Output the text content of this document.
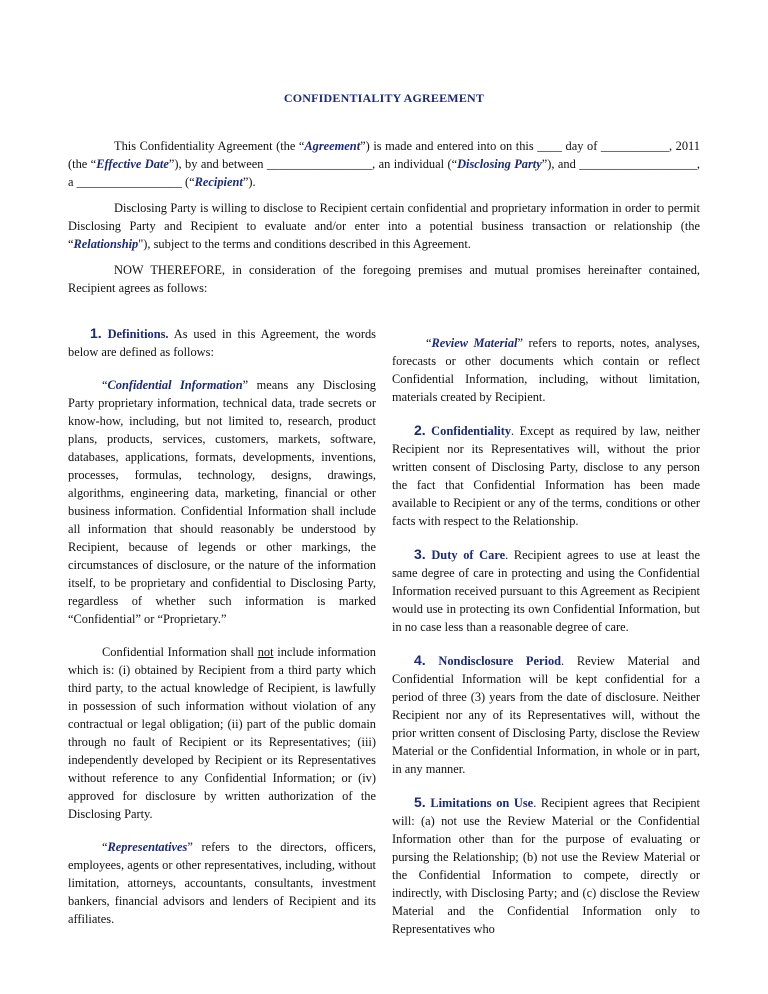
CONFIDENTIALITY AGREEMENT
This Confidentiality Agreement (the “Agreement”) is made and entered into on this ____ day of ___________, 2011 (the “Effective Date”), by and between _________________, an individual (“Disclosing Party”), and ___________________, a _________________ (“Recipient”).
Disclosing Party is willing to disclose to Recipient certain confidential and proprietary information in order to permit Disclosing Party and Recipient to evaluate and/or enter into a potential business transaction or relationship (the “Relationship"), subject to the terms and conditions described in this Agreement.
NOW THEREFORE, in consideration of the foregoing premises and mutual promises hereinafter contained, Recipient agrees as follows:

1. Definitions. As used in this Agreement, the words below are defined as follows:

“Confidential Information” means any Disclosing Party proprietary information, technical data, trade secrets or know-how, including, but not limited to, research, product plans, products, services, customers, markets, software, databases, applications, formats, developments, inventions, processes, formulas, technology, designs, drawings, algorithms, engineering data, marketing, financial or other business information. Confidential Information shall include all information that should reasonably be understood by Recipient, because of legends or other markings, the circumstances of disclosure, or the nature of the information itself, to be proprietary and confidential to Disclosing Party, regardless of whether such information is marked “Confidential” or “Proprietary.”

Confidential Information shall not include information which is: (i) obtained by Recipient from a third party which third party, to the actual knowledge of Recipient, is lawfully in possession of such information without violation of any contractual or legal obligation; (ii) part of the public domain through no fault of Recipient or its Representatives; (iii) independently developed by Recipient or its Representatives without reference to any Confidential Information; or (iv) approved for disclosure by written authorization of the Disclosing Party.

“Representatives” refers to the directors, officers, employees, agents or other representatives, including, without limitation, attorneys, accountants, consultants, investment bankers, financial advisors and lenders of Recipient and its affiliates.

“Review Material” refers to reports, notes, analyses, forecasts or other documents which contain or reflect Confidential Information, including, without limitation, materials created by Recipient.

2. Confidentiality. Except as required by law, neither Recipient nor its Representatives will, without the prior written consent of Disclosing Party, disclose to any person the fact that Confidential Information has been made available to Recipient or any of the terms, conditions or other facts with respect to the Relationship.

3. Duty of Care. Recipient agrees to use at least the same degree of care in protecting and using the Confidential Information received pursuant to this Agreement as Recipient would use in protecting its own Confidential Information, but in no case less than a reasonable degree of care.

4. Nondisclosure Period. Review Material and Confidential Information will be kept confidential for a period of three (3) years from the date of disclosure. Neither Recipient nor any of its Representatives will, without the prior written consent of Disclosing Party, disclose the Review Material or the Confidential Information, in whole or in part, in any manner.

5. Limitations on Use. Recipient agrees that Recipient will: (a) not use the Review Material or the Confidential Information other than for the purpose of evaluating or pursing the Relationship; (b) not use the Review Material or the Confidential Information to compete, directly or indirectly, with Disclosing Party; and (c) disclose the Review Material and the Confidential Information only to Representatives who
